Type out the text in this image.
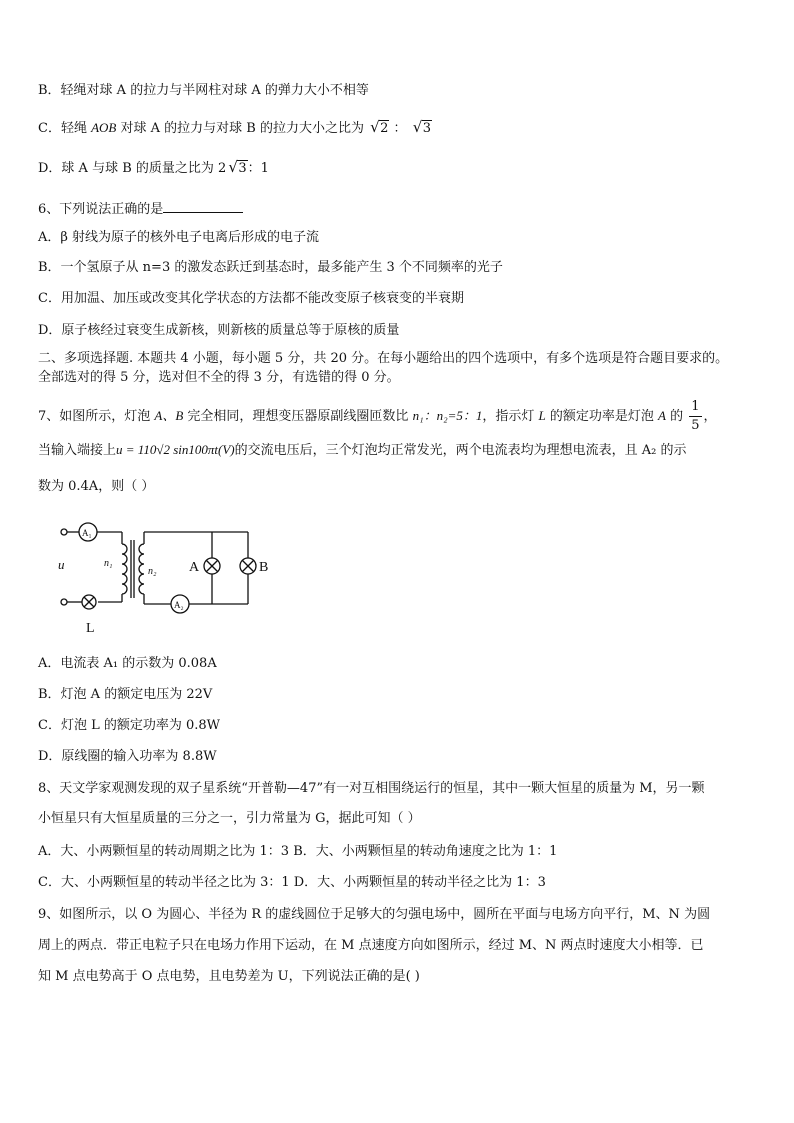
B．轻绳对球 A 的拉力与半网柱对球 A 的弹力大小不相等
C．轻绳 AOB 对球 A 的拉力与对球 B 的拉力大小之比为 √ 2 ： √ 3
D．球 A 与球 B 的质量之比为 2 √ 3：1
6、下列说法正确的是
A．β 射线为原子的核外电子电离后形成的电子流
B．一个氢原子从 n=3 的激发态跃迁到基态时，最多能产生 3 个不同频率的光子
C．用加温、加压或改变其化学状态的方法都不能改变原子核衰变的半衰期
D．原子核经过衰变生成新核，则新核的质量总等于原核的质量
二、多项选择题. 本题共 4 小题，每小题 5 分，共 20 分。在每小题给出的四个选项中，有多个选项是符合题目要求的。
全部选对的得 5 分，选对但不全的得 3 分，有选错的得 0 分。
7、如图所示，灯泡 A、B 完全相同，理想变压器原副线圈匝数比 n₁：n₂=5：1，指示灯 L 的额定功率是灯泡 A 的 $\frac{1}{5}$ ，
当输入端接上u = 110√2 sin100πt(V)的交流电压后，三个灯泡均正常发光，两个电流表均为理想电流表，且 A₂ 的示
数为 0.4A，则（ ）
u	n₁
n₂
A₁
A₂
A	B
L
A．电流表 A₁ 的示数为 0.08A
B．灯泡 A 的额定电压为 22V
C．灯泡 L 的额定功率为 0.8W
D．原线圈的输入功率为 8.8W
8、天文学家观测发现的双子星系统“开普勒—47”有一对互相围绕运行的恒星，其中一颗大恒星的质量为 M，另一颗
小恒星只有大恒星质量的三分之一，引力常量为 G，据此可知（ ）
A．大、小两颗恒星的转动周期之比为 1：3 B．大、小两颗恒星的转动角速度之比为 1：1
C．大、小两颗恒星的转动半径之比为 3：1 D．大、小两颗恒星的转动半径之比为 1：3
9、如图所示，以 O 为圆心、半径为 R 的虚线圆位于足够大的匀强电场中，圆所在平面与电场方向平行，M、N 为圆
周上的两点．带正电粒子只在电场力作用下运动，在 M 点速度方向如图所示，经过 M、N 两点时速度大小相等．已
知 M 点电势高于 O 点电势，且电势差为 U，下列说法正确的是( )
